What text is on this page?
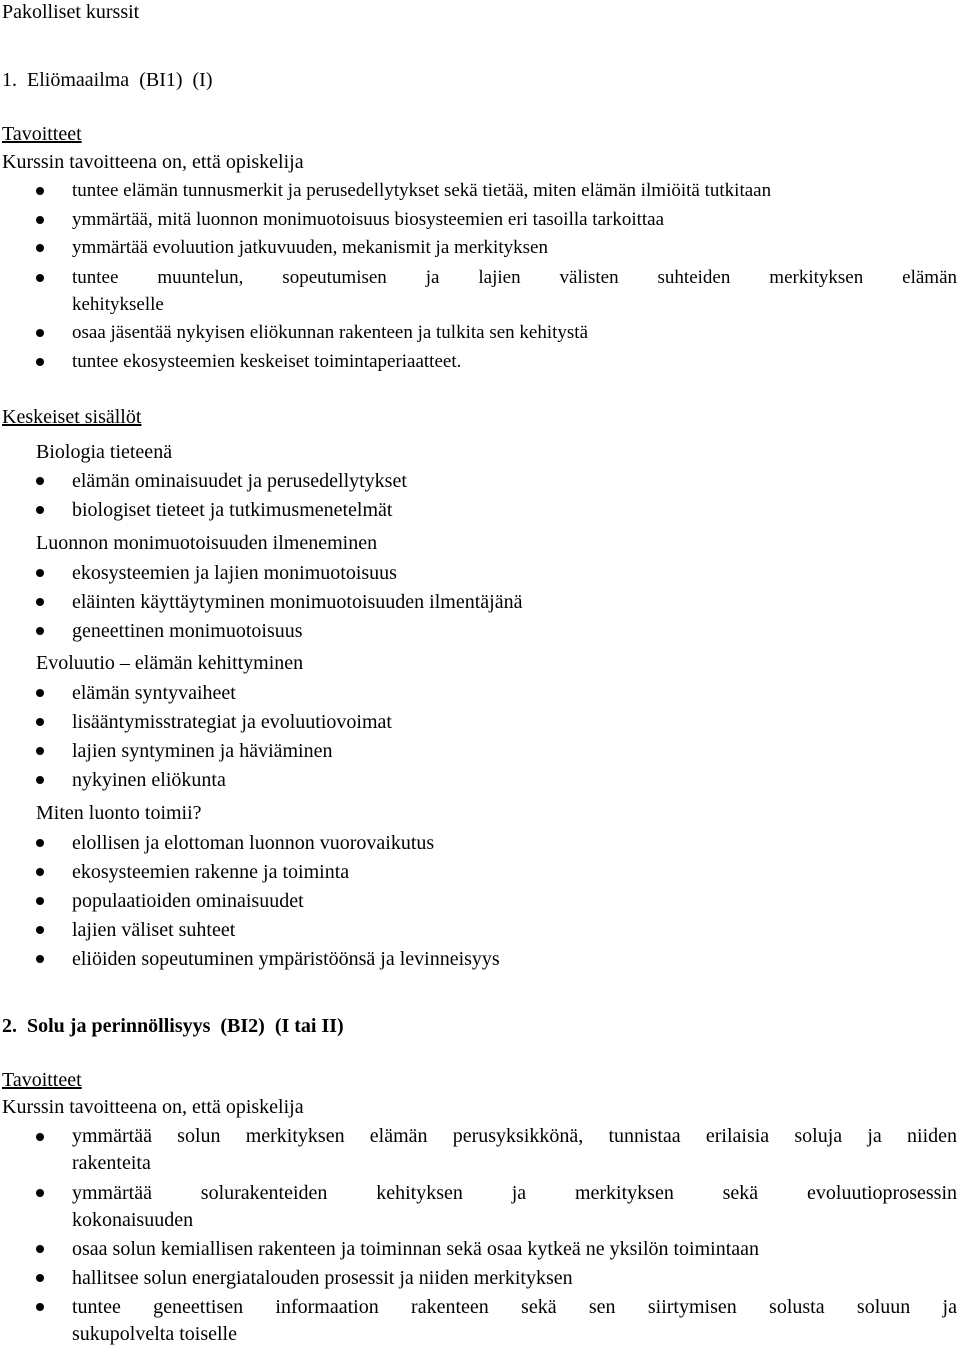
Pakolliset kurssit
1.  Eliömaailma  (BI1)  (I)
Tavoitteet
Kurssin tavoitteena on, että opiskelija
tuntee elämän tunnusmerkit ja perusedellytykset sekä tietää, miten elämän ilmiöitä tutkitaan
ymmärtää, mitä luonnon monimuotoisuus biosysteemien eri tasoilla tarkoittaa
ymmärtää evoluution jatkuvuuden, mekanismit ja merkityksen
tuntee muuntelun, sopeutumisen ja lajien välisten suhteiden merkityksen elämän
kehitykselle
osaa jäsentää nykyisen eliökunnan rakenteen ja tulkita sen kehitystä
tuntee ekosysteemien keskeiset toimintaperiaatteet.
Keskeiset sisällöt
Biologia tieteenä
elämän ominaisuudet ja perusedellytykset
biologiset tieteet ja tutkimusmenetelmät
Luonnon monimuotoisuuden ilmeneminen
ekosysteemien ja lajien monimuotoisuus
eläinten käyttäytyminen monimuotoisuuden ilmentäjänä
geneettinen monimuotoisuus
Evoluutio – elämän kehittyminen
elämän syntyvaiheet
lisääntymisstrategiat ja evoluutiovoimat
lajien syntyminen ja häviäminen
nykyinen eliökunta
Miten luonto toimii?
elollisen ja elottoman luonnon vuorovaikutus
ekosysteemien rakenne ja toiminta
populaatioiden ominaisuudet
lajien väliset suhteet
eliöiden sopeutuminen ympäristöönsä ja levinneisyys
2.  Solu ja perinnöllisyys  (BI2)  (I tai II)
Tavoitteet
Kurssin tavoitteena on, että opiskelija
ymmärtää solun merkityksen elämän perusyksikkönä, tunnistaa erilaisia soluja ja niiden
rakenteita
ymmärtää solurakenteiden kehityksen ja merkityksen sekä evoluutioprosessin
kokonaisuuden
osaa solun kemiallisen rakenteen ja toiminnan sekä osaa kytkeä ne yksilön toimintaan
hallitsee solun energiatalouden prosessit ja niiden merkityksen
tuntee geneettisen informaation rakenteen sekä sen siirtymisen solusta soluun ja
sukupolvelta toiselle
